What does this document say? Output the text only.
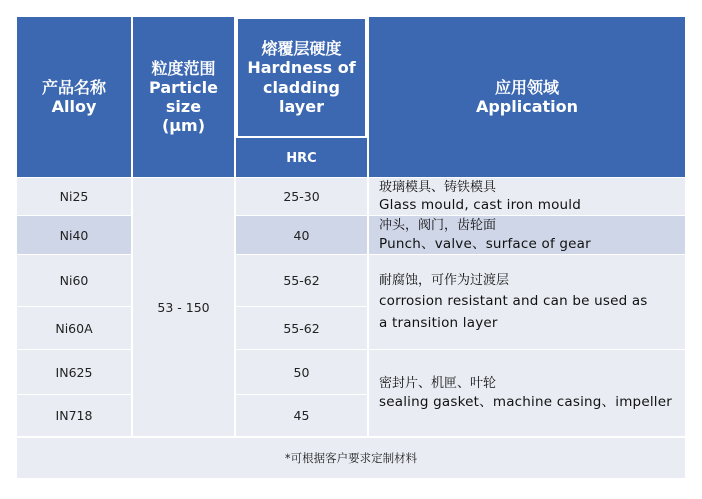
产品名称
Alloy
粒度范围
Particle
size
(μm)
熔覆层硬度
Hardness of
cladding
layer
HRC
应用领域
Application
Ni25
Ni40
Ni60
Ni60A
IN625
IN718
53 - 150
25-30
40
55-62
55-62
50
45
玻璃模具、铸铁模具
Glass mould, cast iron mould
冲头，阀门，齿轮面
Punch、valve、surface of gear
耐腐蚀，可作为过渡层
corrosion resistant and can be used as
a transition layer
密封片、机匣、叶轮
sealing gasket、machine casing、impeller
*可根据客户要求定制材料
